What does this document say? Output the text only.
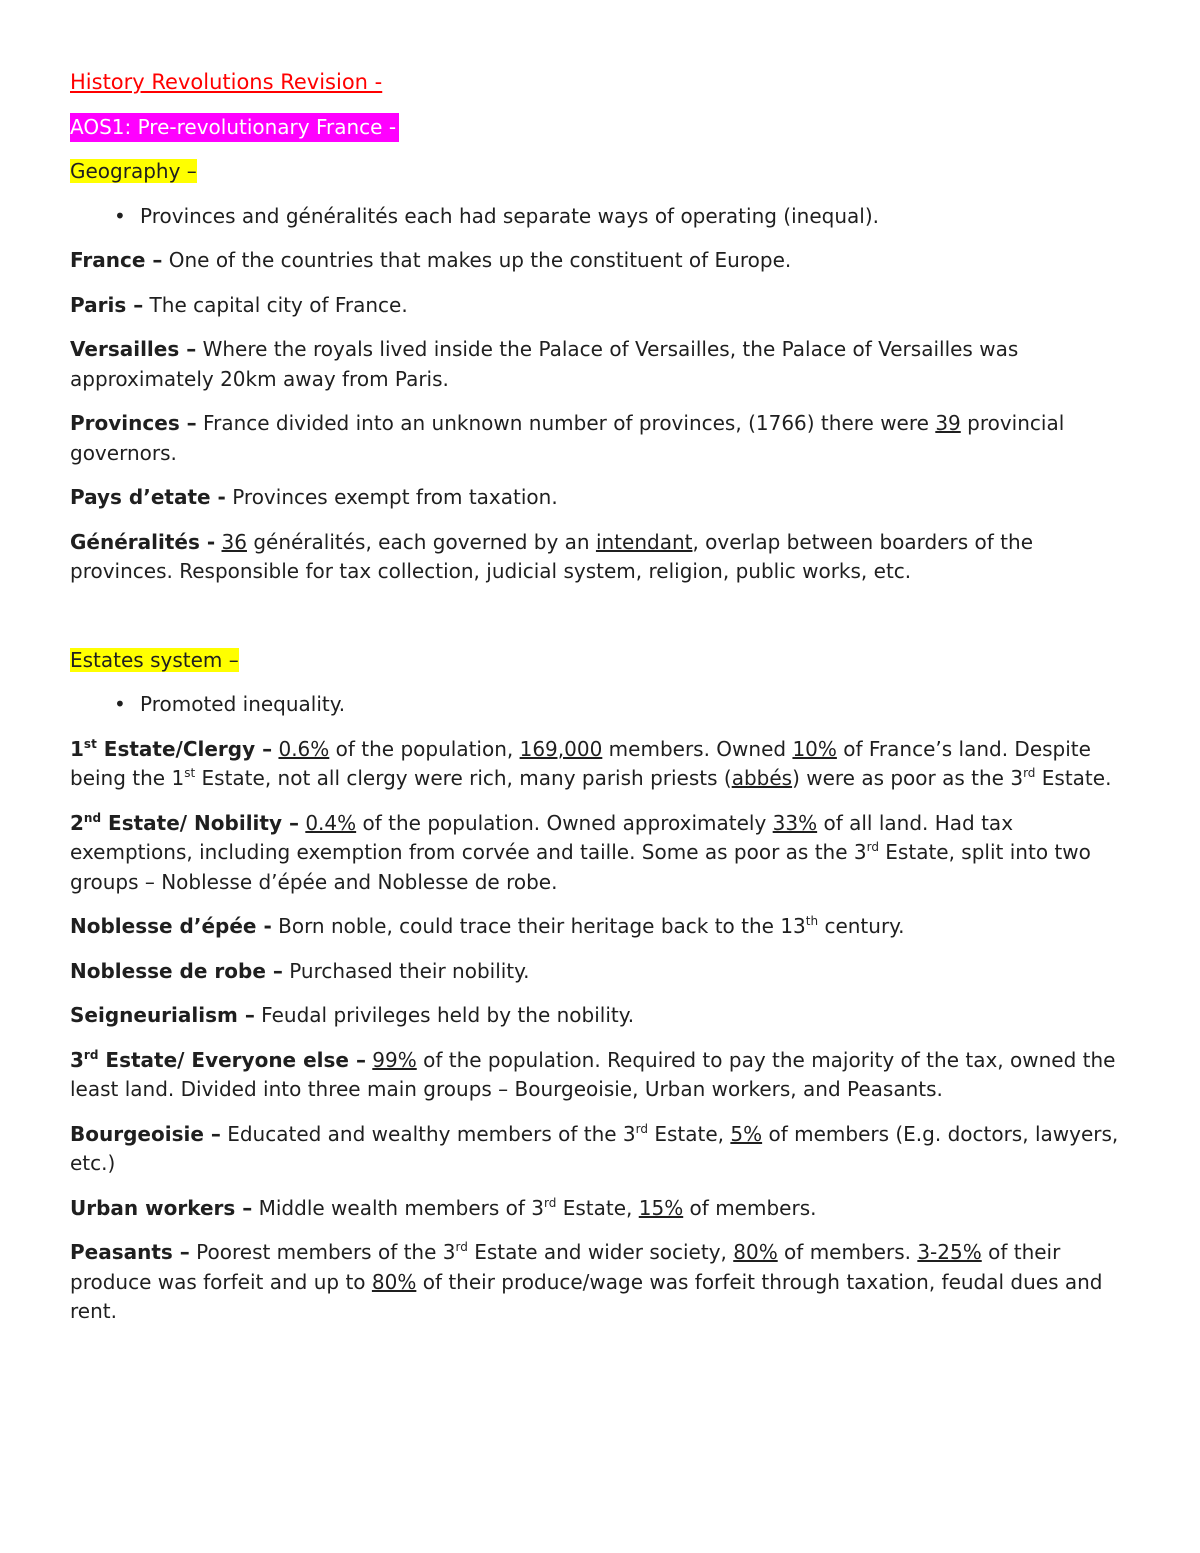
History Revolutions Revision -

AOS1: Pre-revolutionary France -
Geography –
• Provinces and généralités each had separate ways of operating (inequal).

France – One of the countries that makes up the constituent of Europe.

Paris – The capital city of France.

Versailles – Where the royals lived inside the Palace of Versailles, the Palace of Versailles was approximately 20km away from Paris.

Provinces – France divided into an unknown number of provinces, (1766) there were 39 provincial governors.

Pays d’etate - Provinces exempt from taxation.

Généralités - 36 généralités, each governed by an intendant, overlap between boarders of the provinces. Responsible for tax collection, judicial system, religion, public works, etc.

Estates system –
• Promoted inequality.

1st Estate/Clergy – 0.6% of the population, 169,000 members. Owned 10% of France’s land. Despite being the 1st Estate, not all clergy were rich, many parish priests (abbés) were as poor as the 3rd Estate.

2nd Estate/ Nobility – 0.4% of the population. Owned approximately 33% of all land. Had tax exemptions, including exemption from corvée and taille. Some as poor as the 3rd Estate, split into two groups – Noblesse d’épée and Noblesse de robe.

Noblesse d’épée - Born noble, could trace their heritage back to the 13th century.

Noblesse de robe – Purchased their nobility.

Seigneurialism – Feudal privileges held by the nobility.

3rd Estate/ Everyone else – 99% of the population. Required to pay the majority of the tax, owned the least land. Divided into three main groups – Bourgeoisie, Urban workers, and Peasants.

Bourgeoisie – Educated and wealthy members of the 3rd Estate, 5% of members (E.g. doctors, lawyers, etc.)

Urban workers – Middle wealth members of 3rd Estate, 15% of members.

Peasants – Poorest members of the 3rd Estate and wider society, 80% of members. 3-25% of their produce was forfeit and up to 80% of their produce/wage was forfeit through taxation, feudal dues and rent.
